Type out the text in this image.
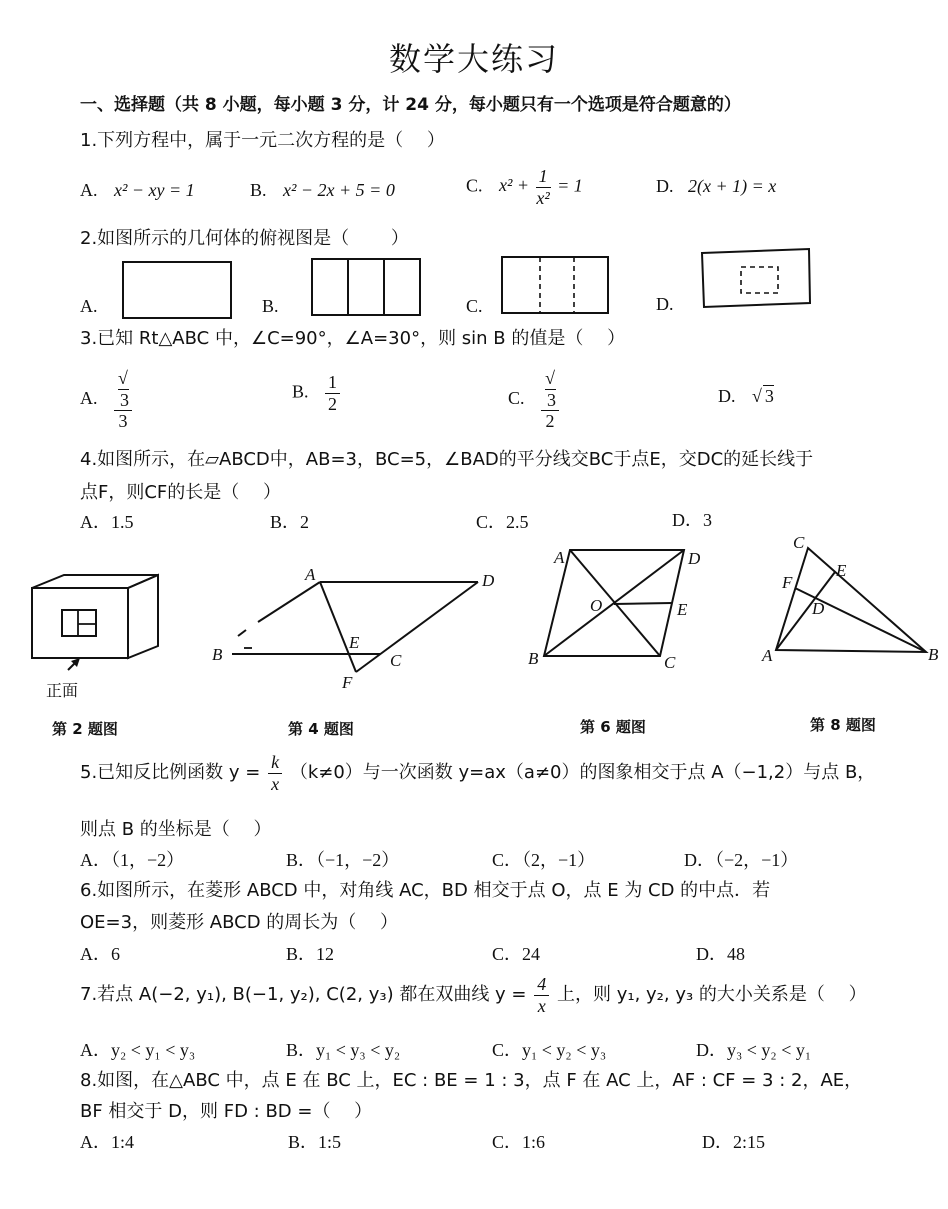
数学大练习
一、选择题（共 8 小题，每小题 3 分，计 24 分，每小题只有一个选项是符合题意的）
1.下列方程中，属于一元二次方程的是（　 ）
A. x² − xy = 1	B. x² − 2x + 5 = 0	C. $x^2 + \frac{1}{\text{x²}} = 1$	D. 2(x + 1) = x
2.如图所示的几何体的俯视图是（　　 ）
A.	B.	C.	D.
3.已知 Rt△ABC 中，∠C=90°，∠A=30°，则 sin B 的值是（　 ）
A. √
3
3	B. $\frac{1}{2}$	C. √
3
2	D. √ 3
4.如图所示，在▱ABCD中，AB=3，BC=5，∠BAD的平分线交BC于点E，交DC的延长线于
点F，则CF的长是（　 ）
A．1.5	B．2	C．2.5	D．3
正面
A	D
B
E
C
F
A	D
O	E
B	C
C
E
F
D
A	B
第 2 题图	第 4 题图	第 6 题图	第 8 题图
5.已知反比例函数 $y = \frac{k}{x} (k\ne 0)$与一次函数 y=ax（a≠0）的图象相交于点 A（−1,2）与点 B，
则点 B 的坐标是（　 ）
A．（1，−2）	B．（−1，−2）	C．（2，−1）	D．（−2，−1）
6.如图所示，在菱形 ABCD 中，对角线 AC，BD 相交于点 O，点 E 为 CD 的中点．若
OE=3，则菱形 ABCD 的周长为（　 ）
A．6	B．12	C．24	D．48
7.若点 A(−2, y₁), B(−1, y₂), C(2, y₃) 都在双曲线 $y = \frac{4}{x}$ 上，则 y₁, y₂, y₃ 的大小关系是（　 ）
A．y₂ < y₁ < y₃	B．y₁ < y₃ < y₂	C．y₁ < y₂ < y₃	D．y₃ < y₂ < y₁
8.如图，在△ABC 中，点 E 在 BC 上，EC : BE = 1 : 3，点 F 在 AC 上，AF : CF = 3 : 2，AE，
BF 相交于 D，则 FD : BD =（　 ）
A．1:4	B．1:5	C．1:6	D．2:15
